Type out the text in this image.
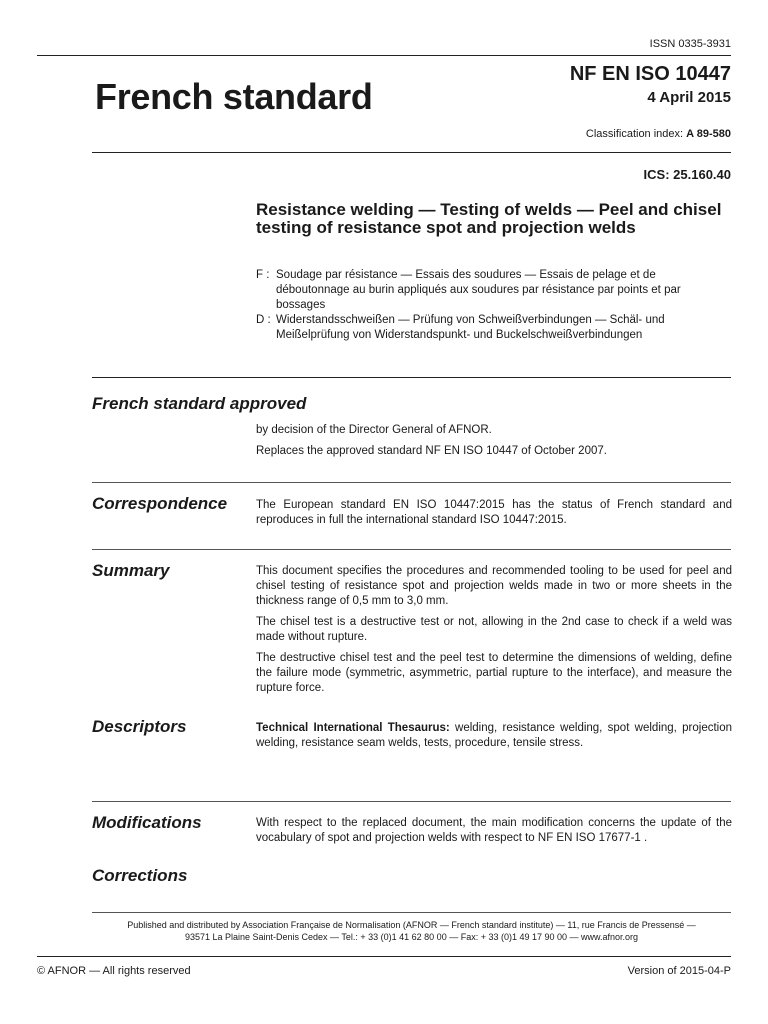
ISSN 0335-3931
French standard
NF EN ISO 10447
4 April 2015
Classification index: A 89-580
ICS: 25.160.40
Resistance welding — Testing of welds — Peel and chisel testing of resistance spot and projection welds
F : Soudage par résistance — Essais des soudures — Essais de pelage et de déboutonnage au burin appliqués aux soudures par résistance par points et par bossages
D : Widerstandsschweißen — Prüfung von Schweißverbindungen — Schäl- und Meißelprüfung von Widerstandspunkt- und Buckelschweißverbindungen
French standard approved

by decision of the Director General of AFNOR.

Replaces the approved standard NF EN ISO 10447 of October 2007.

Correspondence	The European standard EN ISO 10447:2015 has the status of French standard and reproduces in full the international standard ISO 10447:2015.

Summary	This document specifies the procedures and recommended tooling to be used for peel and chisel testing of resistance spot and projection welds made in two or more sheets in the thickness range of 0,5 mm to 3,0 mm.

The chisel test is a destructive test or not, allowing in the 2nd case to check if a weld was made without rupture.

The destructive chisel test and the peel test to determine the dimensions of welding, define the failure mode (symmetric, asymmetric, partial rupture to the interface), and measure the rupture force.

Descriptors	Technical International Thesaurus: welding, resistance welding, spot welding, projection welding, resistance seam welds, tests, procedure, tensile stress.

Modifications	With respect to the replaced document, the main modification concerns the update of the vocabulary of spot and projection welds with respect to NF EN ISO 17677-1 .

Corrections
Published and distributed by Association Française de Normalisation (AFNOR — French standard institute) — 11, rue Francis de Pressensé —
93571 La Plaine Saint-Denis Cedex — Tel.: + 33 (0)1 41 62 80 00 — Fax: + 33 (0)1 49 17 90 00 — www.afnor.org
© AFNOR — All rights reserved	Version of 2015-04-P
